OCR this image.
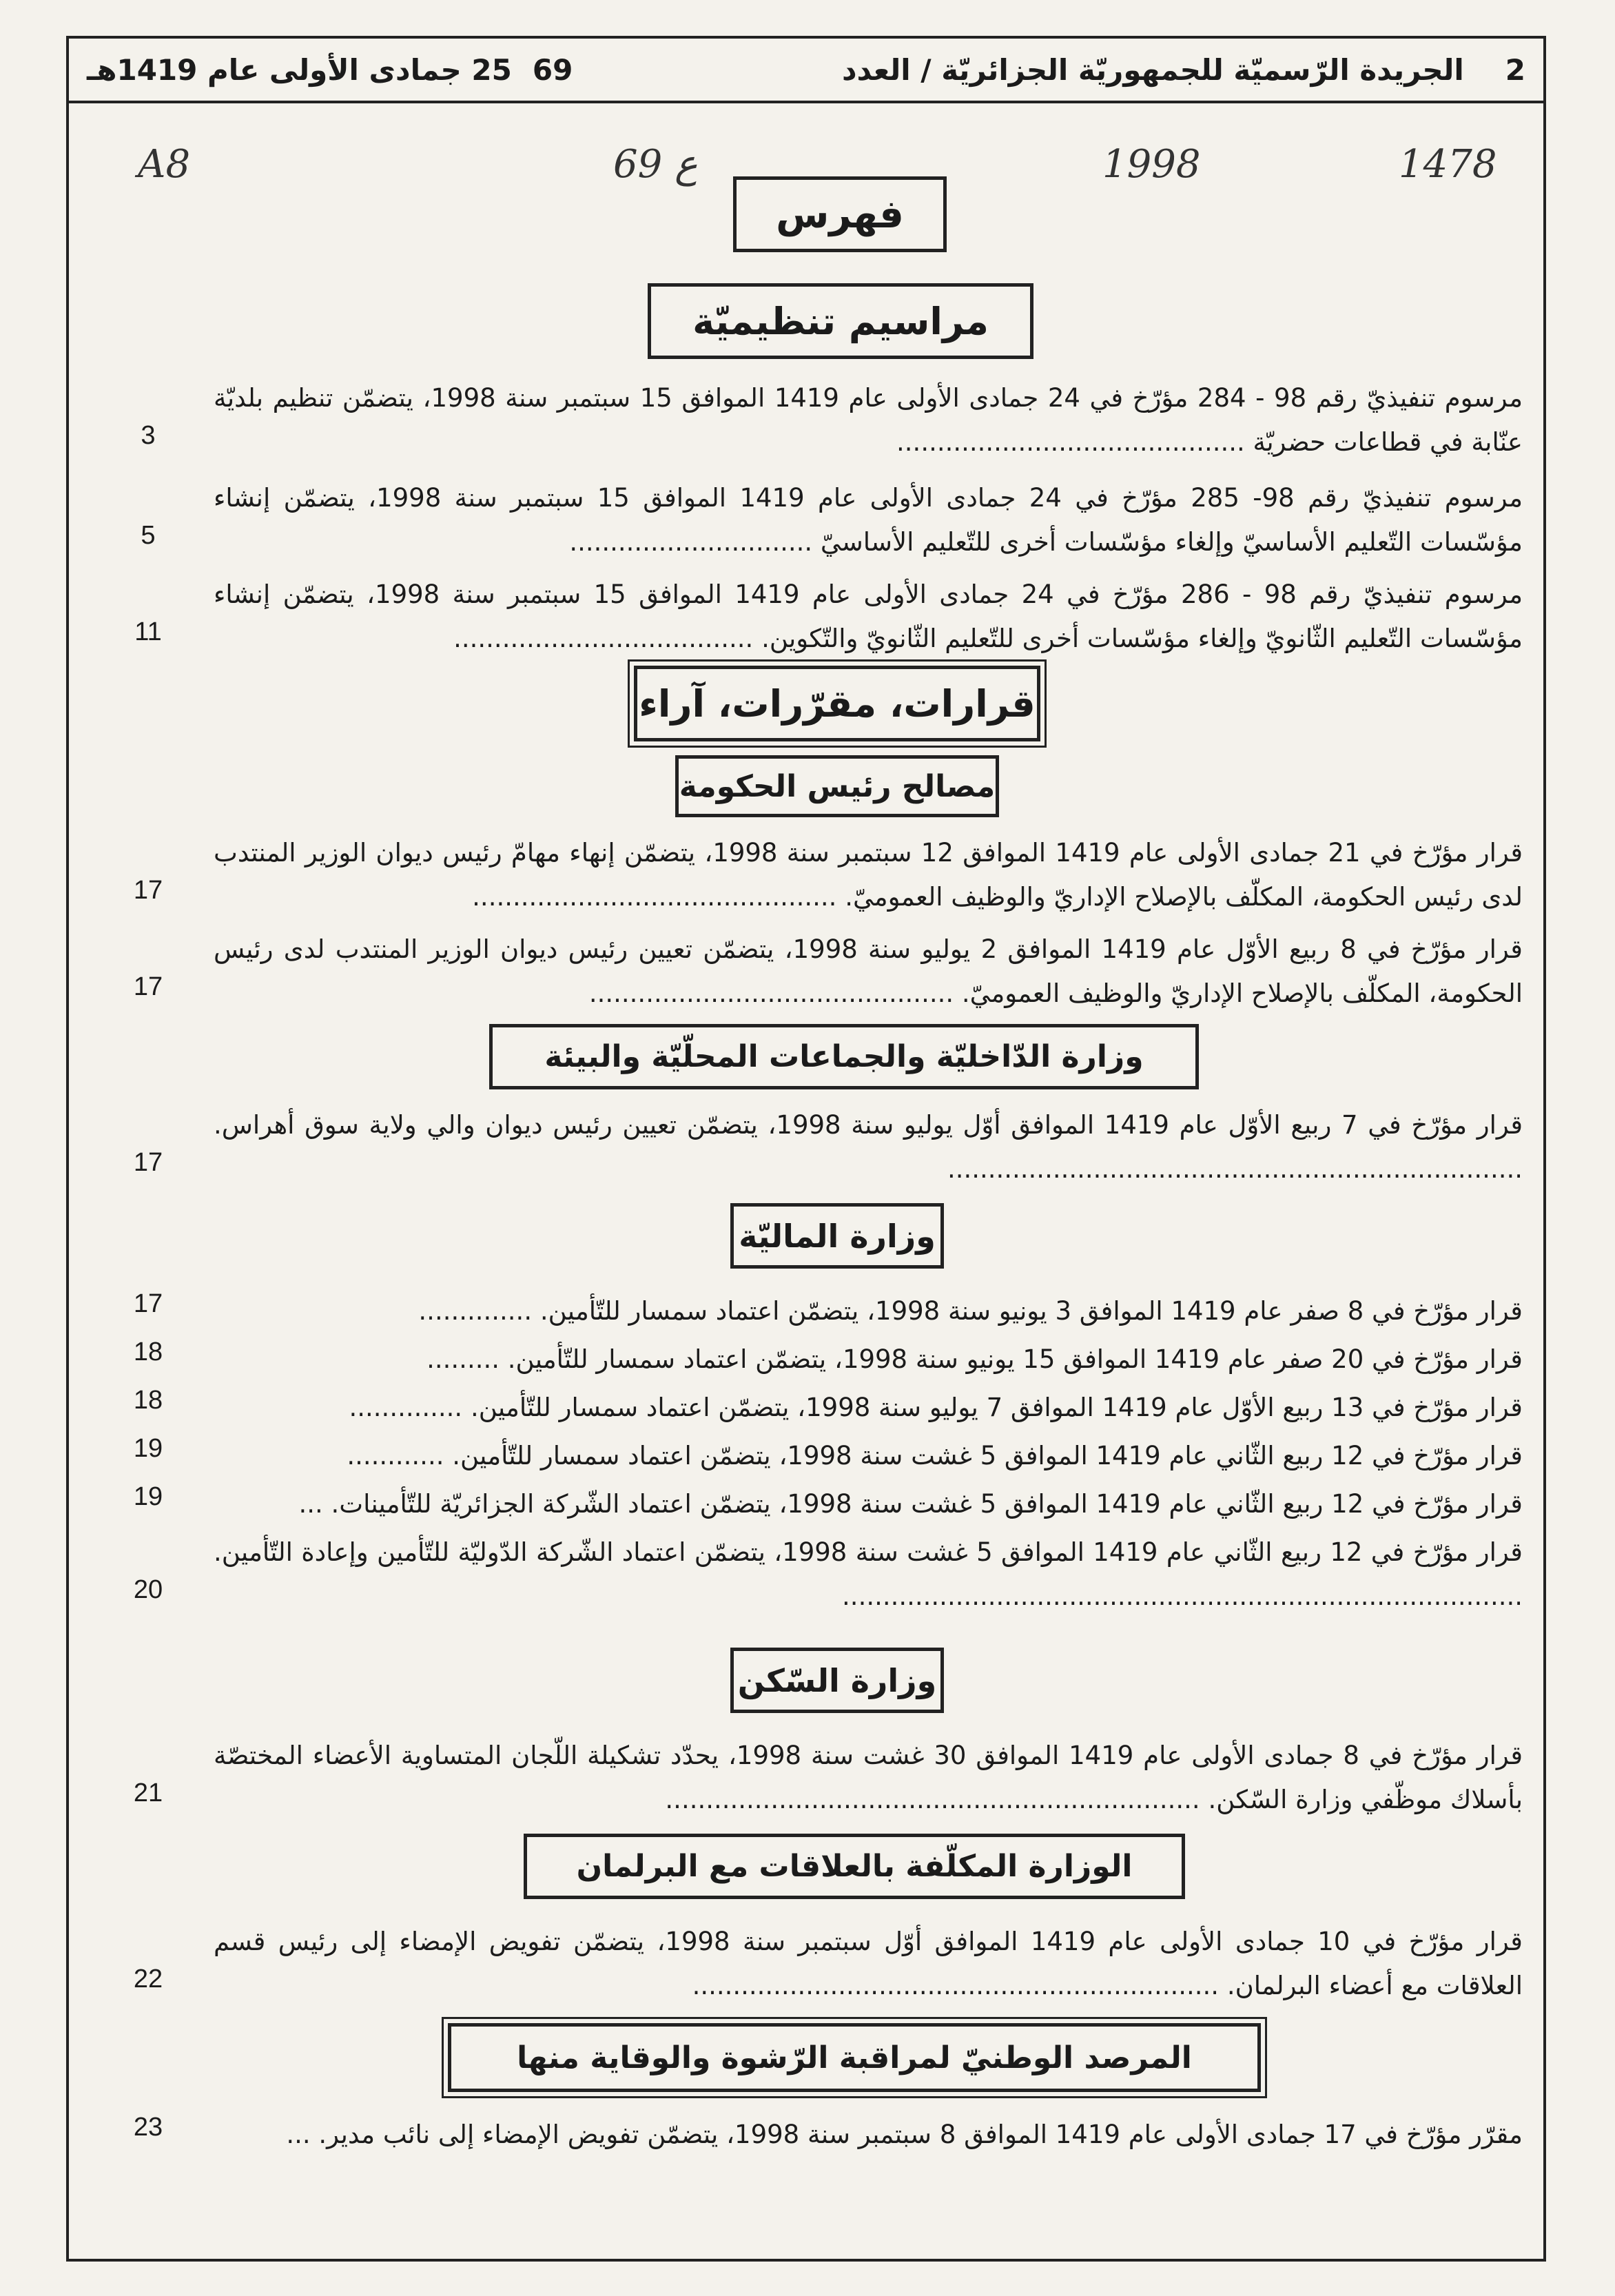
2
الجريدة الرّسميّة للجمهوريّة الجزائريّة / العدد
69
25 جمادى الأولى عام 1419هـ
A8	69 ع	1998	1478
فهرس
مراسيم تنظيميّة
مرسوم تنفيذيّ رقم 98 - 284 مؤرّخ في 24 جمادى الأولى عام 1419 الموافق 15 سبتمبر سنة 1998، يتضمّن تنظيم بلديّة عنّابة في قطاعات حضريّة ...........................................
3
مرسوم تنفيذيّ رقم 98- 285 مؤرّخ في 24 جمادى الأولى عام 1419 الموافق 15 سبتمبر سنة 1998، يتضمّن إنشاء مؤسّسات التّعليم الأساسيّ وإلغاء مؤسّسات أخرى للتّعليم الأساسيّ ..............................
5
مرسوم تنفيذيّ رقم 98 - 286 مؤرّخ في 24 جمادى الأولى عام 1419 الموافق 15 سبتمبر سنة 1998، يتضمّن إنشاء مؤسّسات التّعليم الثّانويّ وإلغاء مؤسّسات أخرى للتّعليم الثّانويّ والتّكوين. .....................................
11
قرارات، مقرّرات، آراء
مصالح رئيس الحكومة
قرار مؤرّخ في 21 جمادى الأولى عام 1419 الموافق 12 سبتمبر سنة 1998، يتضمّن إنهاء مهامّ رئيس ديوان الوزير المنتدب لدى رئيس الحكومة، المكلّف بالإصلاح الإداريّ والوظيف العموميّ. .............................................
17
قرار مؤرّخ في 8 ربيع الأوّل عام 1419 الموافق 2 يوليو سنة 1998، يتضمّن تعيين رئيس ديوان الوزير المنتدب لدى رئيس الحكومة، المكلّف بالإصلاح الإداريّ والوظيف العموميّ. .............................................
17
وزارة الدّاخليّة والجماعات المحلّيّة والبيئة
قرار مؤرّخ في 7 ربيع الأوّل عام 1419 الموافق أوّل يوليو سنة 1998، يتضمّن تعيين رئيس ديوان والي ولاية سوق أهراس. .......................................................................
17
وزارة الماليّة
قرار مؤرّخ في 8 صفر عام 1419 الموافق 3 يونيو سنة 1998، يتضمّن اعتماد سمسار للتّأمين. ..............
17
قرار مؤرّخ في 20 صفر عام 1419 الموافق 15 يونيو سنة 1998، يتضمّن اعتماد سمسار للتّأمين. .........
18
قرار مؤرّخ في 13 ربيع الأوّل عام 1419 الموافق 7 يوليو سنة 1998، يتضمّن اعتماد سمسار للتّأمين. ..............
18
قرار مؤرّخ في 12 ربيع الثّاني عام 1419 الموافق 5 غشت سنة 1998، يتضمّن اعتماد سمسار للتّأمين. ............
19
قرار مؤرّخ في 12 ربيع الثّاني عام 1419 الموافق 5 غشت سنة 1998، يتضمّن اعتماد الشّركة الجزائريّة للتّأمينات. ...
19
قرار مؤرّخ في 12 ربيع الثّاني عام 1419 الموافق 5 غشت سنة 1998، يتضمّن اعتماد الشّركة الدّوليّة للتّأمين وإعادة التّأمين. ....................................................................................
20
وزارة السّكن
قرار مؤرّخ في 8 جمادى الأولى عام 1419 الموافق 30 غشت سنة 1998، يحدّد تشكيلة اللّجان المتساوية الأعضاء المختصّة بأسلاك موظّفي وزارة السّكن. ..................................................................
21
الوزارة المكلّفة بالعلاقات مع البرلمان
قرار مؤرّخ في 10 جمادى الأولى عام 1419 الموافق أوّل سبتمبر سنة 1998، يتضمّن تفويض الإمضاء إلى رئيس قسم العلاقات مع أعضاء البرلمان. .................................................................
22
المرصد الوطنيّ لمراقبة الرّشوة والوقاية منها
مقرّر مؤرّخ في 17 جمادى الأولى عام 1419 الموافق 8 سبتمبر سنة 1998، يتضمّن تفويض الإمضاء إلى نائب مدير. ...
23
